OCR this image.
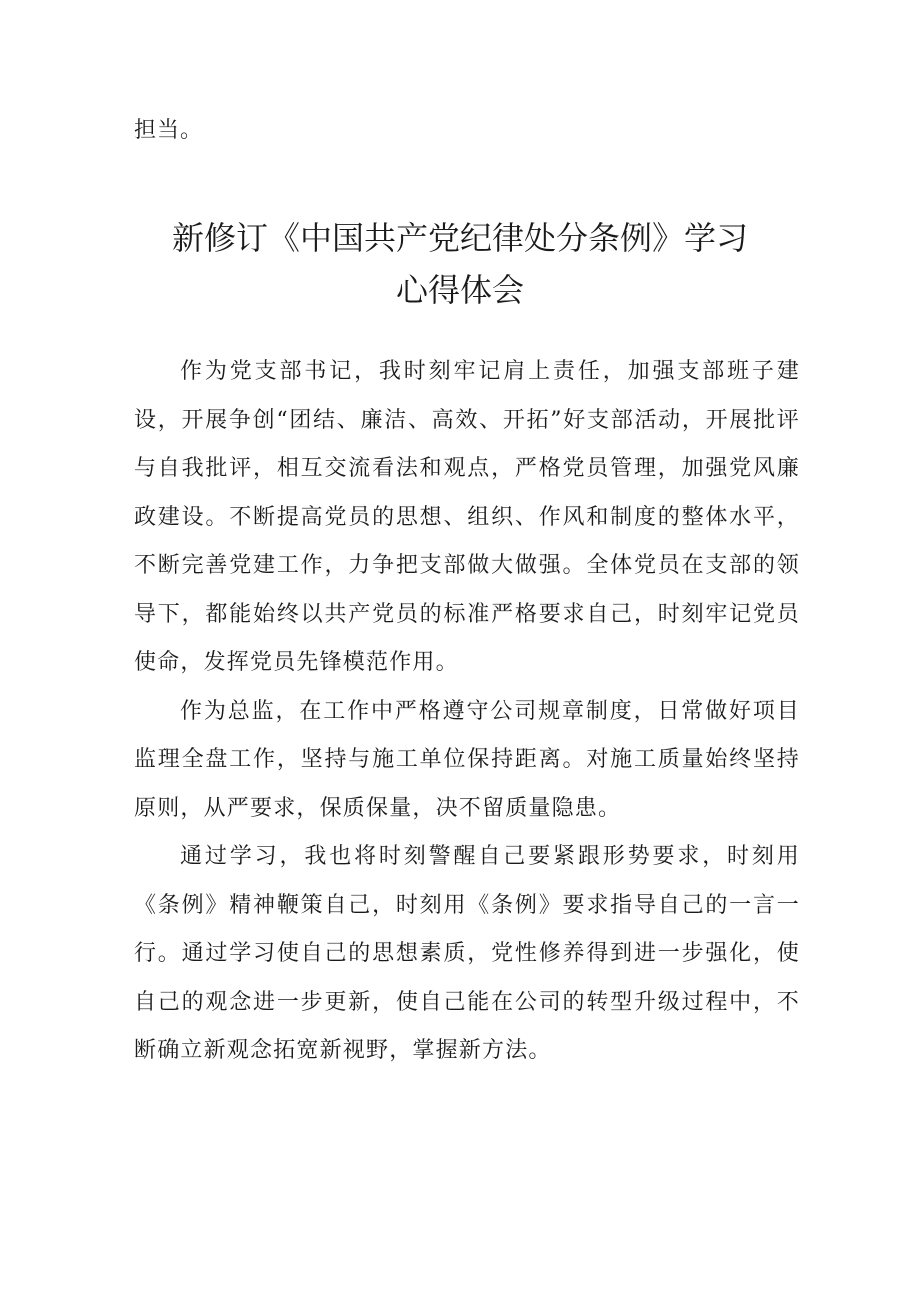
担当。
新修订《中国共产党纪律处分条例》学习
心得体会

作为党支部书记，我时刻牢记肩上责任，加强支部班子建设，开展争创“团结、廉洁、高效、开拓”好支部活动，开展批评与自我批评，相互交流看法和观点，严格党员管理，加强党风廉政建设。不断提高党员的思想、组织、作风和制度的整体水平，不断完善党建工作，力争把支部做大做强。全体党员在支部的领导下，都能始终以共产党员的标准严格要求自己，时刻牢记党员使命，发挥党员先锋模范作用。

作为总监，在工作中严格遵守公司规章制度，日常做好项目监理全盘工作，坚持与施工单位保持距离。对施工质量始终坚持原则，从严要求，保质保量，决不留质量隐患。

通过学习，我也将时刻警醒自己要紧跟形势要求，时刻用《条例》精神鞭策自己，时刻用《条例》要求指导自己的一言一行。通过学习使自己的思想素质，党性修养得到进一步强化，使自己的观念进一步更新，使自己能在公司的转型升级过程中，不断确立新观念拓宽新视野，掌握新方法。
